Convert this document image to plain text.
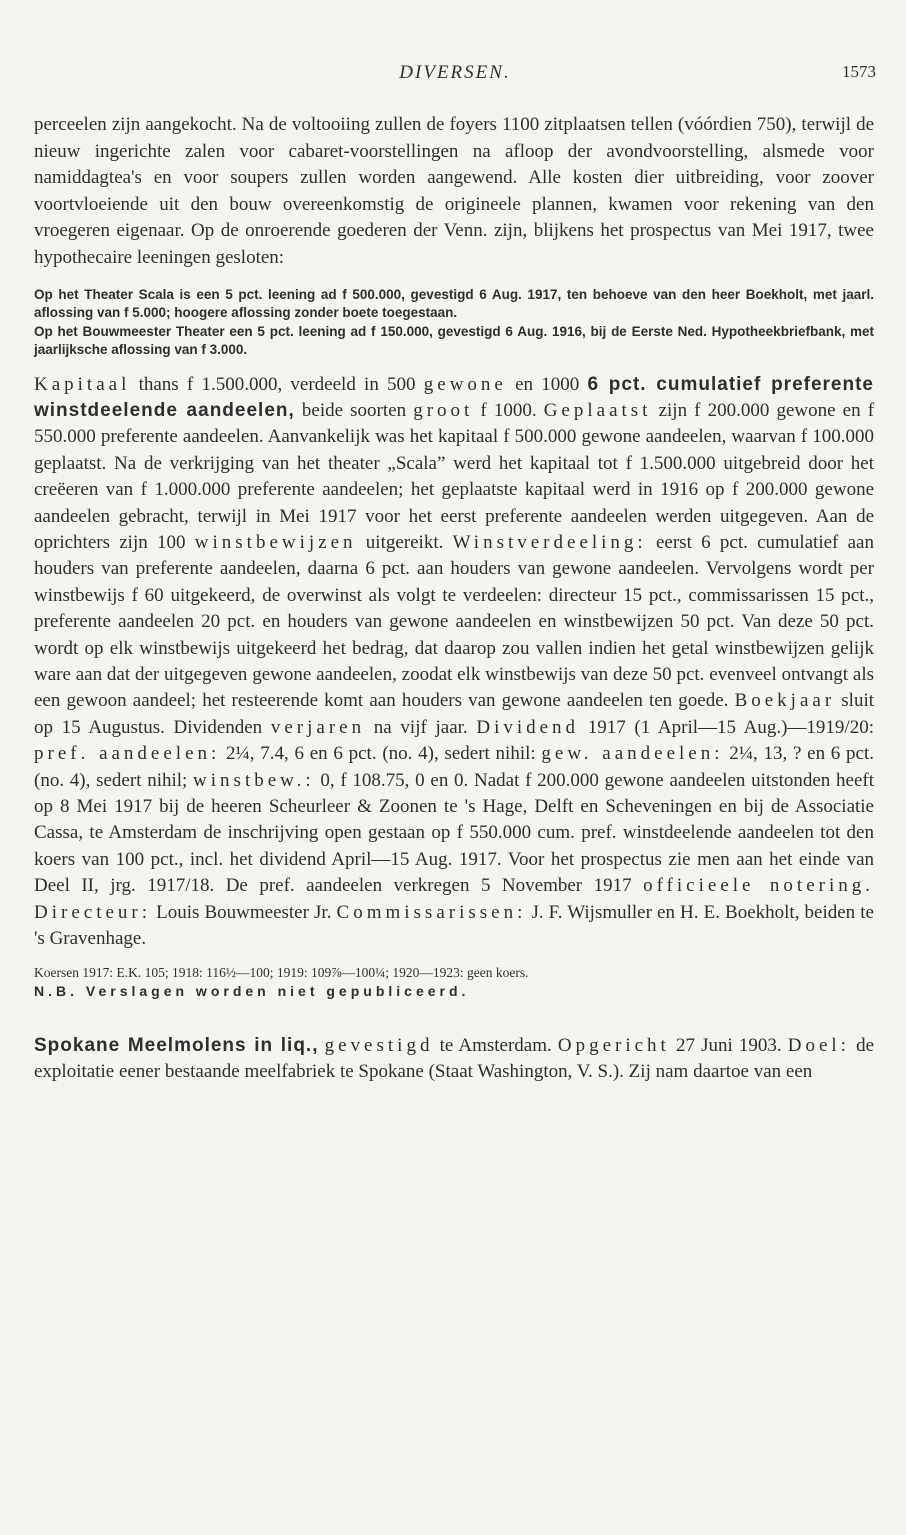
DIVERSEN.	1573

perceelen zijn aangekocht. Na de voltooiing zullen de foyers 1100 zitplaatsen tellen (vóórdien 750), terwijl de nieuw ingerichte zalen voor cabaret-voorstellingen na afloop der avondvoorstelling, alsmede voor namiddagtea's en voor soupers zullen worden aangewend. Alle kosten dier uitbreiding, voor zoover voortvloeiende uit den bouw overeenkomstig de origineele plannen, kwamen voor rekening van den vroegeren eigenaar. Op de onroerende goederen der Venn. zijn, blijkens het prospectus van Mei 1917, twee hypothecaire leeningen gesloten:

Op het Theater Scala is een 5 pct. leening ad f 500.000, gevestigd 6 Aug. 1917, ten behoeve van den heer Boekholt, met jaarl. aflossing van f 5.000; hoogere aflossing zonder boete toegestaan.

Op het Bouwmeester Theater een 5 pct. leening ad f 150.000, gevestigd 6 Aug. 1916, bij de Eerste Ned. Hypotheekbriefbank, met jaarlijksche aflossing van f 3.000.

Kapitaal thans f 1.500.000, verdeeld in 500 gewone en 1000 6 pct. cumulatief preferente winstdeelende aandeelen, beide soorten groot f 1000. Geplaatst zijn f 200.000 gewone en f 550.000 preferente aandeelen. Aanvankelijk was het kapitaal f 500.000 gewone aandeelen, waarvan f 100.000 geplaatst. Na de verkrijging van het theater „Scala” werd het kapitaal tot f 1.500.000 uitgebreid door het creëeren van f 1.000.000 preferente aandeelen; het geplaatste kapitaal werd in 1916 op f 200.000 gewone aandeelen gebracht, terwijl in Mei 1917 voor het eerst preferente aandeelen werden uitgegeven. Aan de oprichters zijn 100 winstbewijzen uitgereikt. Winstverdeeling: eerst 6 pct. cumulatief aan houders van preferente aandeelen, daarna 6 pct. aan houders van gewone aandeelen. Vervolgens wordt per winstbewijs f 60 uitgekeerd, de overwinst als volgt te verdeelen: directeur 15 pct., commissarissen 15 pct., preferente aandeelen 20 pct. en houders van gewone aandeelen en winstbewijzen 50 pct. Van deze 50 pct. wordt op elk winstbewijs uitgekeerd het bedrag, dat daarop zou vallen indien het getal winstbewijzen gelijk ware aan dat der uitgegeven gewone aandeelen, zoodat elk winstbewijs van deze 50 pct. evenveel ontvangt als een gewoon aandeel; het resteerende komt aan houders van gewone aandeelen ten goede. Boekjaar sluit op 15 Augustus. Dividenden verjaren na vijf jaar. Dividend 1917 (1 April—15 Aug.)—1919/20: pref. aandeelen: 2¼, 7.4, 6 en 6 pct. (no. 4), sedert nihil: gew. aandeelen: 2¼, 13, ? en 6 pct. (no. 4), sedert nihil; winstbew.: 0, f 108.75, 0 en 0. Nadat f 200.000 gewone aandeelen uitstonden heeft op 8 Mei 1917 bij de heeren Scheurleer & Zoonen te 's Hage, Delft en Scheveningen en bij de Associatie Cassa, te Amsterdam de inschrijving open gestaan op f 550.000 cum. pref. winstdeelende aandeelen tot den koers van 100 pct., incl. het dividend April—15 Aug. 1917. Voor het prospectus zie men aan het einde van Deel II, jrg. 1917/18. De pref. aandeelen verkregen 5 November 1917 officieele notering. Directeur: Louis Bouwmeester Jr. Commissarissen: J. F. Wijsmuller en H. E. Boekholt, beiden te 's Gravenhage.

Koersen 1917: E.K. 105; 1918: 116½—100; 1919: 109⅞—100¼; 1920—1923: geen koers.

N.B. Verslagen worden niet gepubliceerd.

Spokane Meelmolens in liq., gevestigd te Amsterdam. Opgericht 27 Juni 1903. Doel: de exploitatie eener bestaande meelfabriek te Spokane (Staat Washington, V. S.). Zij nam daartoe van een
